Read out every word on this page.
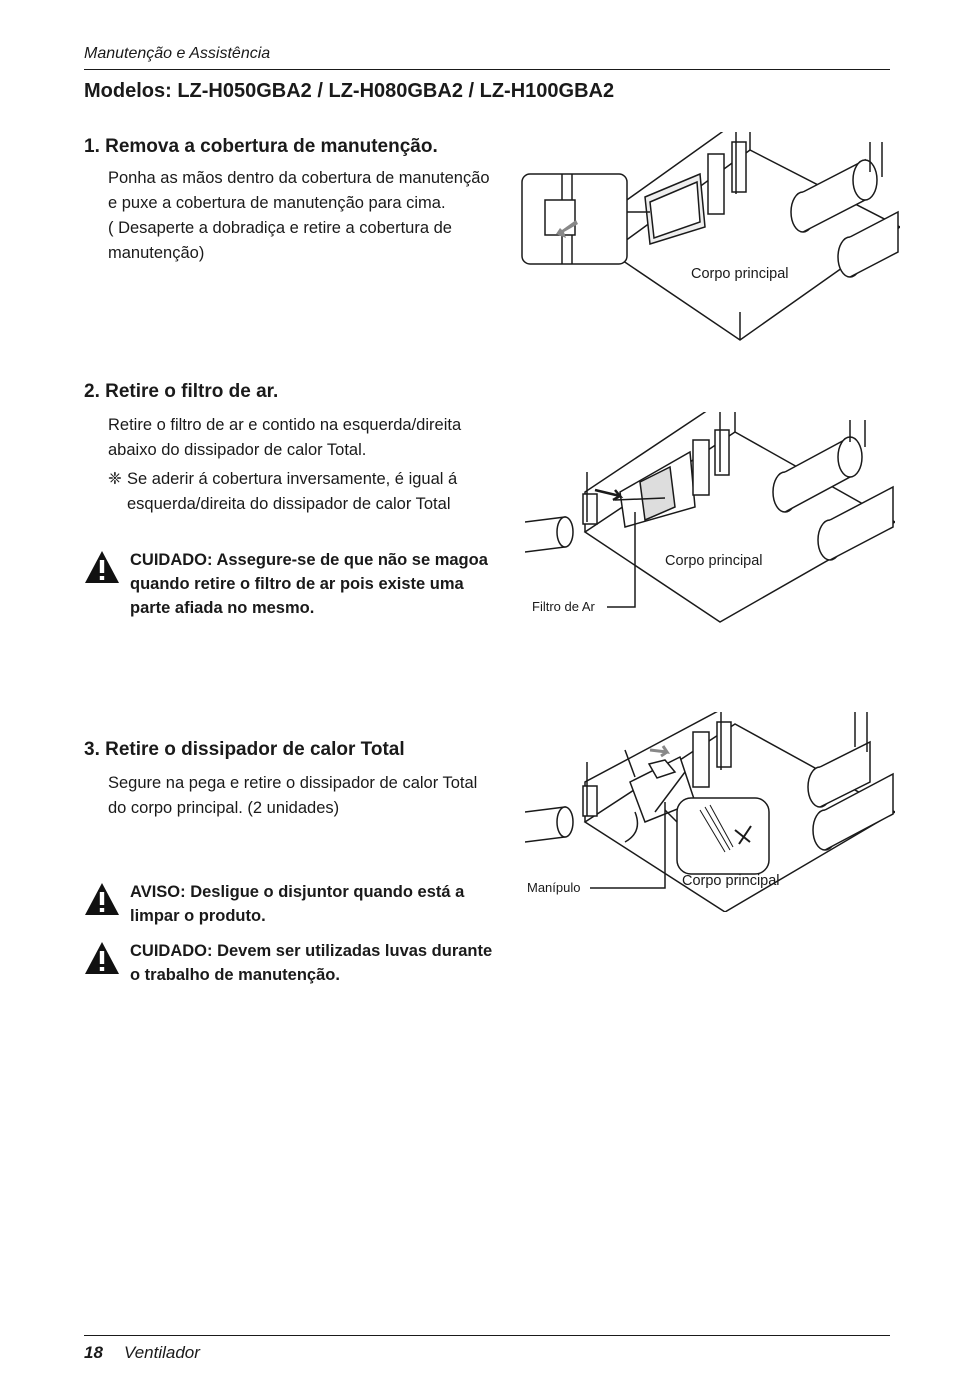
Manutenção e Assistência
Modelos: LZ-H050GBA2 / LZ-H080GBA2 / LZ-H100GBA2
1. Remova a cobertura de manutenção.

Ponha as mãos dentro da cobertura de manutenção e puxe a cobertura de manutenção para cima.

( Desaperte a dobradiça e retire a cobertura de manutenção)

Corpo principal
2. Retire o filtro de ar.

Retire o filtro de ar e contido na esquerda/direita abaixo do dissipador de calor Total.

❈ Se aderir á cobertura inversamente, é igual á esquerda/direita do dissipador de calor Total
CUIDADO: Assegure-se de que não se magoa quando retire o filtro de ar pois existe uma parte afiada no mesmo.
Corpo principal
Filtro de Ar
3. Retire o dissipador de calor Total

Segure na pega e retire o dissipador de calor Total do corpo principal. (2 unidades)

AVISO: Desligue o disjuntor quando está a limpar o produto.
CUIDADO: Devem ser utilizadas luvas durante o trabalho de manutenção.
Corpo principal
Manípulo
18 Ventilador
